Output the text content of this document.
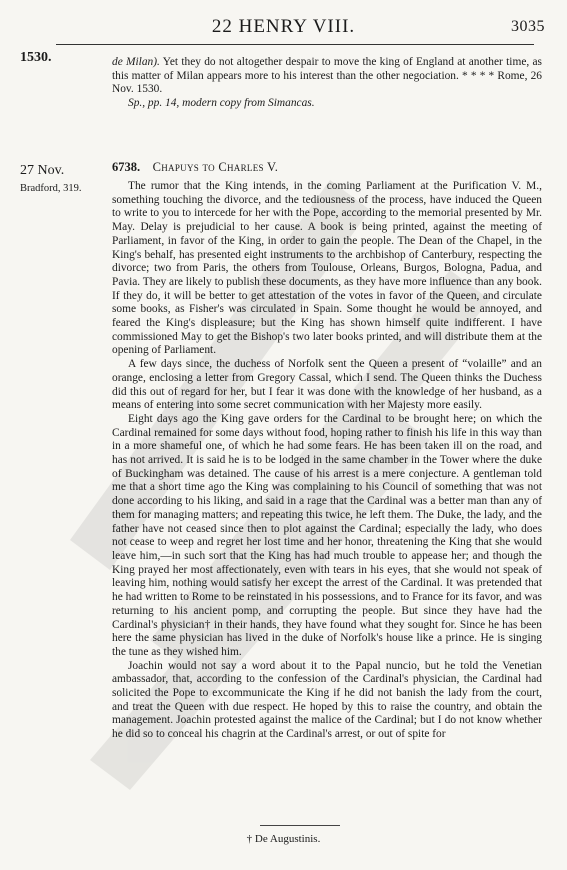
22 HENRY VIII.	3035
1530.	de Milan). Yet they do not altogether despair to move the king of England at another time, as this matter of Milan appears more to his interest than the other negociation. * * * * Rome, 26 Nov. 1530.
Sp., pp. 14, modern copy from Simancas.
27 Nov.
Bradford, 319.
6738. Chapuys to Charles V.

The rumor that the King intends, in the coming Parliament at the Purification V. M., something touching the divorce, and the tediousness of the process, have induced the Queen to write to you to intercede for her with the Pope, according to the memorial presented by Mr. May. Delay is prejudicial to her cause. A book is being printed, against the meeting of Parliament, in favor of the King, in order to gain the people. The Dean of the Chapel, in the King's behalf, has presented eight instruments to the archbishop of Canterbury, respecting the divorce; two from Paris, the others from Toulouse, Orleans, Burgos, Bologna, Padua, and Pavia. They are likely to publish these documents, as they have more influence than any book. If they do, it will be better to get attestation of the votes in favor of the Queen, and circulate some books, as Fisher's was circulated in Spain. Some thought he would be annoyed, and feared the King's displeasure; but the King has shown himself quite indifferent. I have commissioned May to get the Bishop's two later books printed, and will distribute them at the opening of Parliament.

A few days since, the duchess of Norfolk sent the Queen a present of “volaille” and an orange, enclosing a letter from Gregory Cassal, which I send. The Queen thinks the Duchess did this out of regard for her, but I fear it was done with the knowledge of her husband, as a means of entering into some secret communication with her Majesty more easily.

Eight days ago the King gave orders for the Cardinal to be brought here; on which the Cardinal remained for some days without food, hoping rather to finish his life in this way than in a more shameful one, of which he had some fears. He has been taken ill on the road, and has not arrived. It is said he is to be lodged in the same chamber in the Tower where the duke of Buckingham was detained. The cause of his arrest is a mere conjecture. A gentleman told me that a short time ago the King was complaining to his Council of something that was not done according to his liking, and said in a rage that the Cardinal was a better man than any of them for managing matters; and repeating this twice, he left them. The Duke, the lady, and the father have not ceased since then to plot against the Cardinal; especially the lady, who does not cease to weep and regret her lost time and her honor, threatening the King that she would leave him,—in such sort that the King has had much trouble to appease her; and though the King prayed her most affectionately, even with tears in his eyes, that she would not speak of leaving him, nothing would satisfy her except the arrest of the Cardinal. It was pretended that he had written to Rome to be reinstated in his possessions, and to France for its favor, and was returning to his ancient pomp, and corrupting the people. But since they have had the Cardinal's physician† in their hands, they have found what they sought for. Since he has been here the same physician has lived in the duke of Norfolk's house like a prince. He is singing the tune as they wished him.

Joachin would not say a word about it to the Papal nuncio, but he told the Venetian ambassador, that, according to the confession of the Cardinal's physician, the Cardinal had solicited the Pope to excommunicate the King if he did not banish the lady from the court, and treat the Queen with due respect. He hoped by this to raise the country, and obtain the management. Joachin protested against the malice of the Cardinal; but I do not know whether he did so to conceal his chagrin at the Cardinal's arrest, or out of spite for

† De Augustinis.
